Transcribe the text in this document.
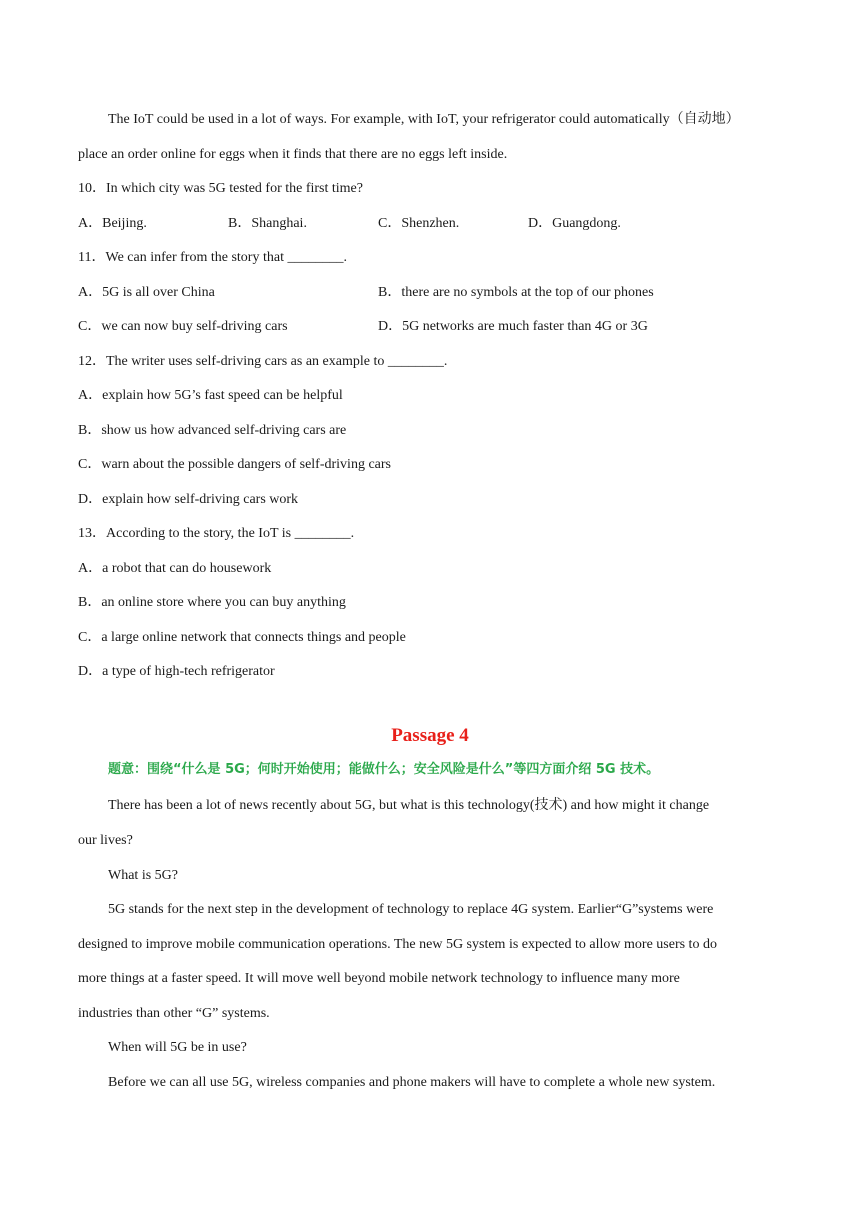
The IoT could be used in a lot of ways. For example, with IoT, your refrigerator could automatically（自动地）
place an order online for eggs when it finds that there are no eggs left inside.
10．In which city was 5G tested for the first time?
A．Beijing.	B．Shanghai.	C．Shenzhen.	D．Guangdong.
11．We can infer from the story that ________.
A．5G is all over China	B．there are no symbols at the top of our phones
C．we can now buy self-driving cars	D．5G networks are much faster than 4G or 3G
12．The writer uses self-driving cars as an example to ________.
A．explain how 5G’s fast speed can be helpful
B．show us how advanced self-driving cars are
C．warn about the possible dangers of self-driving cars
D．explain how self-driving cars work
13．According to the story, the IoT is ________.
A．a robot that can do housework
B．an online store where you can buy anything
C．a large online network that connects things and people
D．a type of high-tech refrigerator
Passage 4
题意：围绕“什么是 5G；何时开始使用；能做什么；安全风险是什么”等四方面介绍 5G 技术。
There has been a lot of news recently about 5G, but what is this technology(技术) and how might it change
our lives?
What is 5G?
5G stands for the next step in the development of technology to replace 4G system. Earlier“G”systems were
designed to improve mobile communication operations. The new 5G system is expected to allow more users to do
more things at a faster speed. It will move well beyond mobile network technology to influence many more
industries than other “G” systems.
When will 5G be in use?
Before we can all use 5G, wireless companies and phone makers will have to complete a whole new system.
